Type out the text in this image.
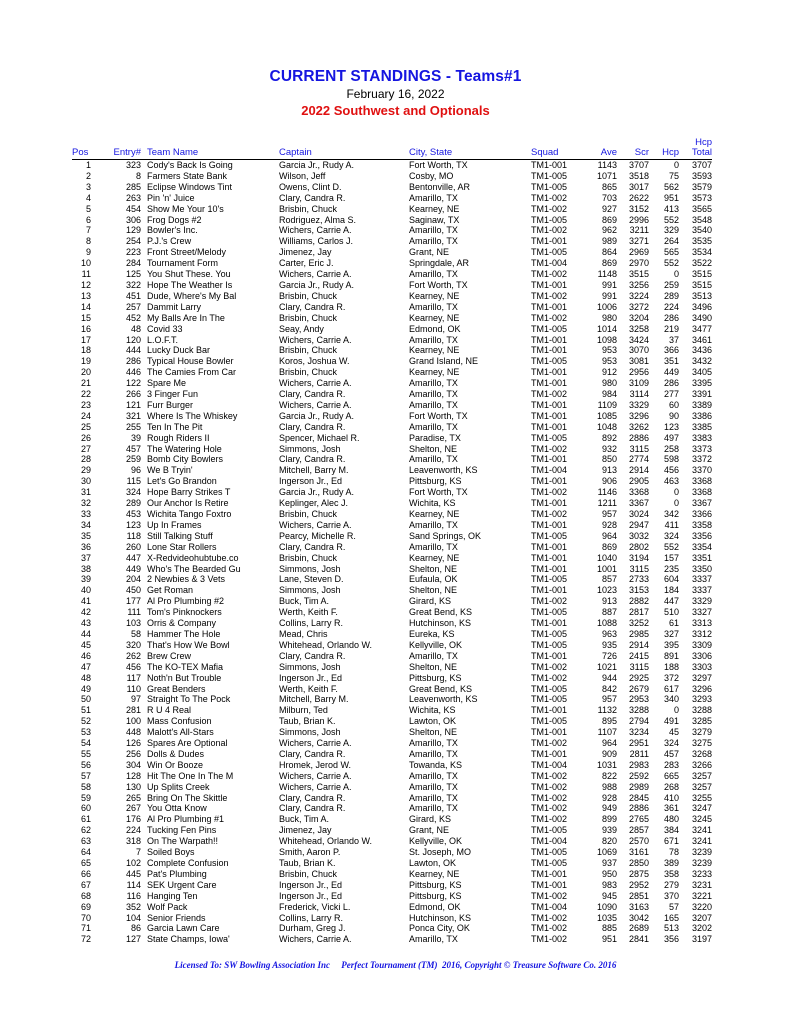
CURRENT STANDINGS - Teams#1
February 16, 2022
2022 Southwest and Optionals
Pos	Entry#	Team Name	Captain	City, State	Squad	Ave	Scr	Hcp	Hcp
Total
1	323	Cody's Back Is Going	Garcia Jr., Rudy A.	Fort Worth, TX	TM1-001	1143	3707	0	3707
2	8	Farmers State Bank	Wilson, Jeff	Cosby, MO	TM1-005	1071	3518	75	3593
3	285	Eclipse Windows Tint	Owens, Clint D.	Bentonville, AR	TM1-005	865	3017	562	3579
4	263	Pin 'n' Juice	Clary, Candra R.	Amarillo, TX	TM1-002	703	2622	951	3573
5	454	Show Me Your 10's	Brisbin, Chuck	Kearney, NE	TM1-002	927	3152	413	3565
6	306	Frog Dogs #2	Rodriguez, Alma S.	Saginaw, TX	TM1-005	869	2996	552	3548
7	129	Bowler's Inc.	Wichers, Carrie A.	Amarillo, TX	TM1-002	962	3211	329	3540
8	254	P.J.'s Crew	Williams, Carlos J.	Amarillo, TX	TM1-001	989	3271	264	3535
9	223	Front Street/Melody	Jimenez, Jay	Grant, NE	TM1-005	864	2969	565	3534
10	284	Tournament Form	Carter, Eric J.	Springdale, AR	TM1-004	869	2970	552	3522
11	125	You Shut These. You	Wichers, Carrie A.	Amarillo, TX	TM1-002	1148	3515	0	3515
12	322	Hope The Weather Is	Garcia Jr., Rudy A.	Fort Worth, TX	TM1-001	991	3256	259	3515
13	451	Dude, Where's My Bal	Brisbin, Chuck	Kearney, NE	TM1-002	991	3224	289	3513
14	257	Dammit Larry	Clary, Candra R.	Amarillo, TX	TM1-001	1006	3272	224	3496
15	452	My Balls Are In The	Brisbin, Chuck	Kearney, NE	TM1-002	980	3204	286	3490
16	48	Covid 33	Seay, Andy	Edmond, OK	TM1-005	1014	3258	219	3477
17	120	L.O.F.T.	Wichers, Carrie A.	Amarillo, TX	TM1-001	1098	3424	37	3461
18	444	Lucky Duck Bar	Brisbin, Chuck	Kearney, NE	TM1-001	953	3070	366	3436
19	286	Typical House Bowler	Koros, Joshua W.	Grand Island, NE	TM1-005	953	3081	351	3432
20	446	The Camies From Car	Brisbin, Chuck	Kearney, NE	TM1-001	912	2956	449	3405
21	122	Spare Me	Wichers, Carrie A.	Amarillo, TX	TM1-001	980	3109	286	3395
22	266	3 Finger Fun	Clary, Candra R.	Amarillo, TX	TM1-002	984	3114	277	3391
23	121	Furr Burger	Wichers, Carrie A.	Amarillo, TX	TM1-001	1109	3329	60	3389
24	321	Where Is The Whiskey	Garcia Jr., Rudy A.	Fort Worth, TX	TM1-001	1085	3296	90	3386
25	255	Ten In The Pit	Clary, Candra R.	Amarillo, TX	TM1-001	1048	3262	123	3385
26	39	Rough Riders II	Spencer, Michael R.	Paradise, TX	TM1-005	892	2886	497	3383
27	457	The Watering Hole	Simmons, Josh	Shelton, NE	TM1-002	932	3115	258	3373
28	259	Bomb City Bowlers	Clary, Candra R.	Amarillo, TX	TM1-001	850	2774	598	3372
29	96	We B Tryin'	Mitchell, Barry M.	Leavenworth, KS	TM1-004	913	2914	456	3370
30	115	Let's Go Brandon	Ingerson Jr., Ed	Pittsburg, KS	TM1-001	906	2905	463	3368
31	324	Hope Barry Strikes T	Garcia Jr., Rudy A.	Fort Worth, TX	TM1-002	1146	3368	0	3368
32	289	Our Anchor Is Retire	Keplinger, Alec J.	Wichita, KS	TM1-001	1211	3367	0	3367
33	453	Wichita Tango Foxtro	Brisbin, Chuck	Kearney, NE	TM1-002	957	3024	342	3366
34	123	Up In Frames	Wichers, Carrie A.	Amarillo, TX	TM1-001	928	2947	411	3358
35	118	Still Talking Stuff	Pearcy, Michelle R.	Sand Springs, OK	TM1-005	964	3032	324	3356
36	260	Lone Star Rollers	Clary, Candra R.	Amarillo, TX	TM1-001	869	2802	552	3354
37	447	X-Redvideohubtube.co	Brisbin, Chuck	Kearney, NE	TM1-001	1040	3194	157	3351
38	449	Who's The Bearded Gu	Simmons, Josh	Shelton, NE	TM1-001	1001	3115	235	3350
39	204	2 Newbies & 3 Vets	Lane, Steven D.	Eufaula, OK	TM1-005	857	2733	604	3337
40	450	Get Roman	Simmons, Josh	Shelton, NE	TM1-001	1023	3153	184	3337
41	177	Al Pro Plumbing #2	Buck, Tim A.	Girard, KS	TM1-002	913	2882	447	3329
42	111	Tom's Pinknockers	Werth, Keith F.	Great Bend, KS	TM1-005	887	2817	510	3327
43	103	Orris & Company	Collins, Larry R.	Hutchinson, KS	TM1-001	1088	3252	61	3313
44	58	Hammer The Hole	Mead, Chris	Eureka, KS	TM1-005	963	2985	327	3312
45	320	That's How We Bowl	Whitehead, Orlando W.	Kellyville, OK	TM1-005	935	2914	395	3309
46	262	Brew Crew	Clary, Candra R.	Amarillo, TX	TM1-001	726	2415	891	3306
47	456	The KO-TEX Mafia	Simmons, Josh	Shelton, NE	TM1-002	1021	3115	188	3303
48	117	Noth'n But Trouble	Ingerson Jr., Ed	Pittsburg, KS	TM1-002	944	2925	372	3297
49	110	Great Benders	Werth, Keith F.	Great Bend, KS	TM1-005	842	2679	617	3296
50	97	Straight To The Pock	Mitchell, Barry M.	Leavenworth, KS	TM1-005	957	2953	340	3293
51	281	R U 4 Real	Milburn, Ted	Wichita, KS	TM1-001	1132	3288	0	3288
52	100	Mass Confusion	Taub, Brian K.	Lawton, OK	TM1-005	895	2794	491	3285
53	448	Malott's All-Stars	Simmons, Josh	Shelton, NE	TM1-001	1107	3234	45	3279
54	126	Spares Are Optional	Wichers, Carrie A.	Amarillo, TX	TM1-002	964	2951	324	3275
55	256	Dolls & Dudes	Clary, Candra R.	Amarillo, TX	TM1-001	909	2811	457	3268
56	304	Win Or Booze	Hromek, Jerod W.	Towanda, KS	TM1-004	1031	2983	283	3266
57	128	Hit The One In The M	Wichers, Carrie A.	Amarillo, TX	TM1-002	822	2592	665	3257
58	130	Up Splits Creek	Wichers, Carrie A.	Amarillo, TX	TM1-002	988	2989	268	3257
59	265	Bring On The Skittle	Clary, Candra R.	Amarillo, TX	TM1-002	928	2845	410	3255
60	267	You Otta Know	Clary, Candra R.	Amarillo, TX	TM1-002	949	2886	361	3247
61	176	Al Pro Plumbing #1	Buck, Tim A.	Girard, KS	TM1-002	899	2765	480	3245
62	224	Tucking Fen Pins	Jimenez, Jay	Grant, NE	TM1-005	939	2857	384	3241
63	318	On The Warpath!!	Whitehead, Orlando W.	Kellyville, OK	TM1-004	820	2570	671	3241
64	7	Soiled Boys	Smith, Aaron P.	St. Joseph, MO	TM1-005	1069	3161	78	3239
65	102	Complete Confusion	Taub, Brian K.	Lawton, OK	TM1-005	937	2850	389	3239
66	445	Pat's Plumbing	Brisbin, Chuck	Kearney, NE	TM1-001	950	2875	358	3233
67	114	SEK Urgent Care	Ingerson Jr., Ed	Pittsburg, KS	TM1-001	983	2952	279	3231
68	116	Hanging Ten	Ingerson Jr., Ed	Pittsburg, KS	TM1-002	945	2851	370	3221
69	352	Wolf Pack	Frederick, Vicki L.	Edmond, OK	TM1-004	1090	3163	57	3220
70	104	Senior Friends	Collins, Larry R.	Hutchinson, KS	TM1-002	1035	3042	165	3207
71	86	Garcia Lawn Care	Durham, Greg J.	Ponca City, OK	TM1-002	885	2689	513	3202
72	127	State Champs, Iowa'	Wichers, Carrie A.	Amarillo, TX	TM1-002	951	2841	356	3197
Licensed To: SW Bowling Association Inc     Perfect Tournament (TM)  2016, Copyright © Treasure Software Co. 2016
